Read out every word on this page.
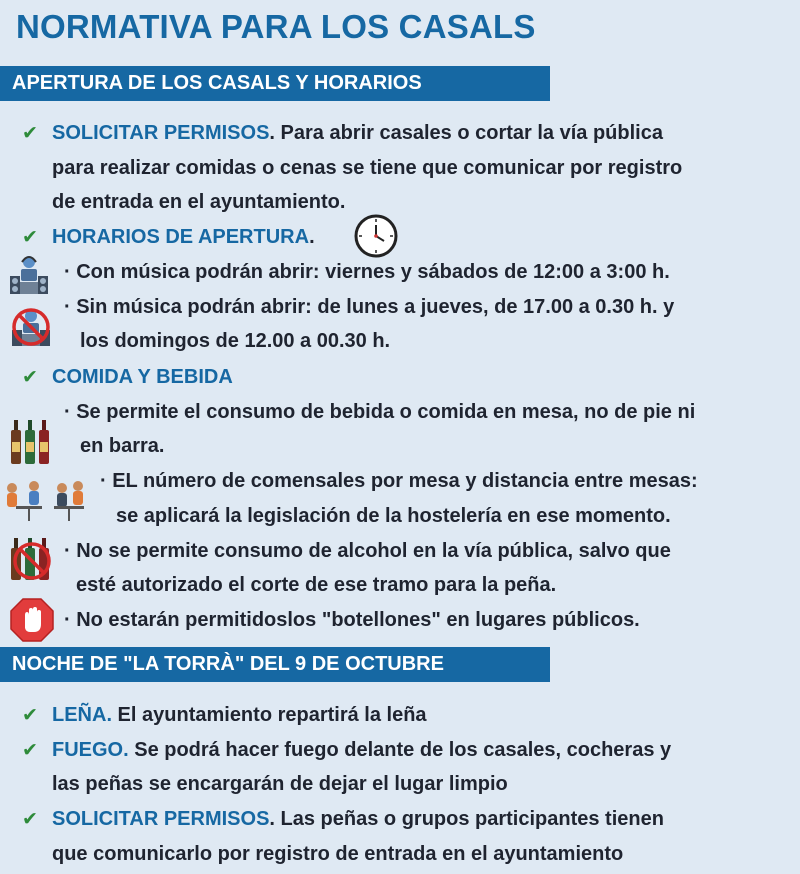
NORMATIVA PARA LOS CASALS
APERTURA DE LOS CASALS Y HORARIOS
✔ SOLICITAR PERMISOS. Para abrir casales o cortar la vía pública
para realizar comidas o cenas se tiene que comunicar por registro
de entrada en el ayuntamiento.
✔ HORARIOS DE APERTURA.
· Con música podrán abrir: viernes y sábados de 12:00 a 3:00 h.
· Sin música podrán abrir: de lunes a jueves, de 17.00 a 0.30 h. y
los domingos de 12.00 a 00.30 h.
✔ COMIDA Y BEBIDA
· Se permite el consumo de bebida o comida en mesa, no de pie ni
en barra.
· EL número de comensales por mesa y distancia entre mesas:
se aplicará la legislación de la hostelería en ese momento.
· No se permite consumo de alcohol en la vía pública, salvo que
esté autorizado el corte de ese tramo para la peña.
· No estarán permitidoslos "botellones" en lugares públicos.
NOCHE DE "LA TORRÀ" DEL 9 DE OCTUBRE
✔ LEÑA. El ayuntamiento repartirá la leña
✔ FUEGO. Se podrá hacer fuego delante de los casales, cocheras y
las peñas se encargarán de dejar el lugar limpio
✔ SOLICITAR PERMISOS. Las peñas o grupos participantes tienen
que comunicarlo por registro de entrada en el ayuntamiento
